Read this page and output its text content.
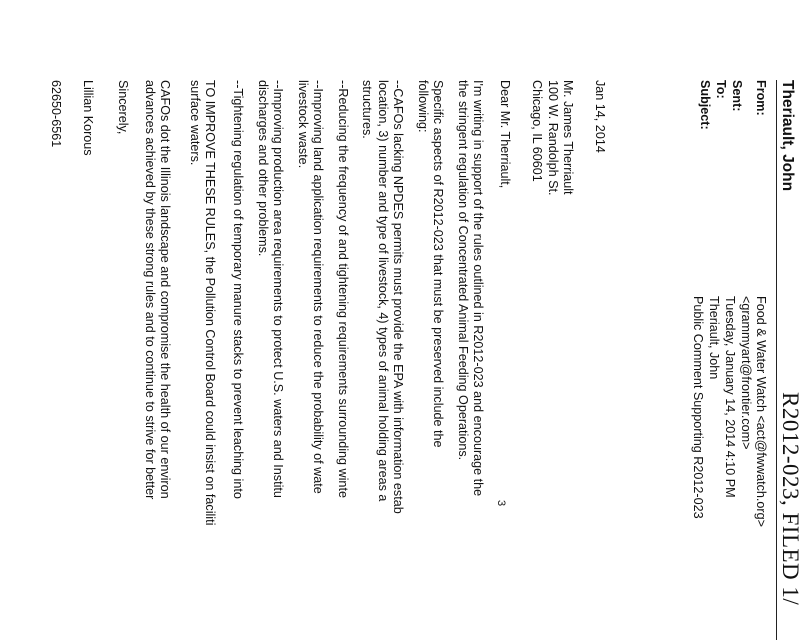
R2012-023, FILED 1/
Theriault, John
From:
Food & Water Watch <act@fwwatch.org>
<grammyart@frontier.com>
Sent:
Tuesday, January 14, 2014 4:10 PM
To:
Theriault, John
Subject:
Public Comment Supporting R2012-023
Jan 14, 2014
Mr. James Therriault
100 W. Randolph St.
Chicago, IL 60601
Dear Mr. Therriault,
I'm writing in support of the rules outlined in R2012-023 and encourage the
the stringent regulation of Concentrated Animal Feeding Operations.
Specific aspects of R2012-023 that must be preserved include the
following:
--CAFOs lacking NPDES permits must provide the EPA with information estab
location, 3) number and type of livestock, 4) types of animal holding areas a
structures.
--Reducing the frequency of and tightening requirements surrounding winte
--Improving land application requirements to reduce the probability of wate
livestock waste.
--Improving production area requirements to protect U.S. waters and Institu
discharges and other problems.
--Tightening regulation of temporary manure stacks to prevent leaching into
TO IMPROVE THESE RULES, the Pollution Control Board could insist on faciliti
surface waters.
CAFOs dot the Illinois landscape and compromise the health of our environ
advances achieved by these strong rules and to continue to strive for better
Sincerely,
Lillian Korous
62650-6561
3
